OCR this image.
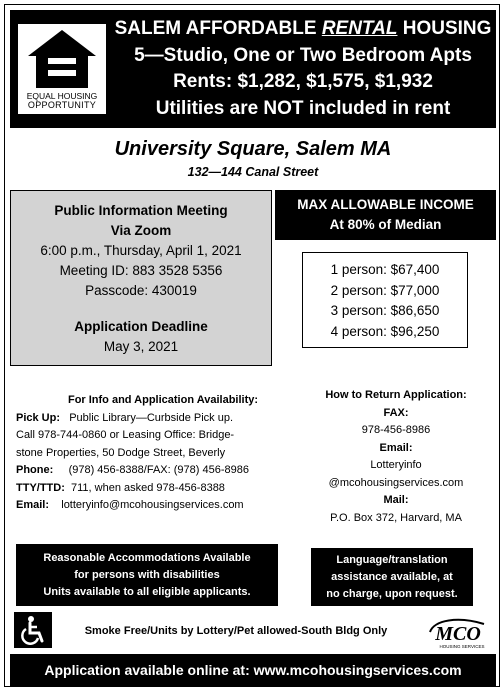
EQUAL HOUSING
OPPORTUNITY
SALEM AFFORDABLE RENTAL HOUSING
5—Studio, One or Two Bedroom Apts
Rents: $1,282, $1,575, $1,932
Utilities are NOT included in rent
University Square, Salem MA
132—144 Canal Street
Public Information Meeting
Via Zoom
6:00 p.m., Thursday, April 1, 2021
Meeting ID: 883 3528 5356
Passcode: 430019
Application Deadline
May 3, 2021
MAX ALLOWABLE INCOME
At 80% of Median
1 person: $67,400
2 person: $77,000
3 person: $86,650
4 person: $96,250
For Info and Application Availability:
Pick Up: Public Library—Curbside Pick up.
Call 978-744-0860 or Leasing Office: Bridge-
stone Properties, 50 Dodge Street, Beverly
Phone: (978) 456-8388/FAX: (978) 456-8986
TTY/TTD: 711, when asked 978-456-8388
Email: lotteryinfo@mcohousingservices.com
How to Return Application:
FAX:
978-456-8986
Email:
Lotteryinfo
@mcohousingservices.com
Mail:
P.O. Box 372, Harvard, MA
Reasonable Accommodations Available
for persons with disabilities
Units available to all eligible applicants.
Language/translation
assistance available, at
no charge, upon request.
Smoke Free/Units by Lottery/Pet allowed-South Bldg Only	MCO
HOUSING SERVICES
Application available online at: www.mcohousingservices.com
